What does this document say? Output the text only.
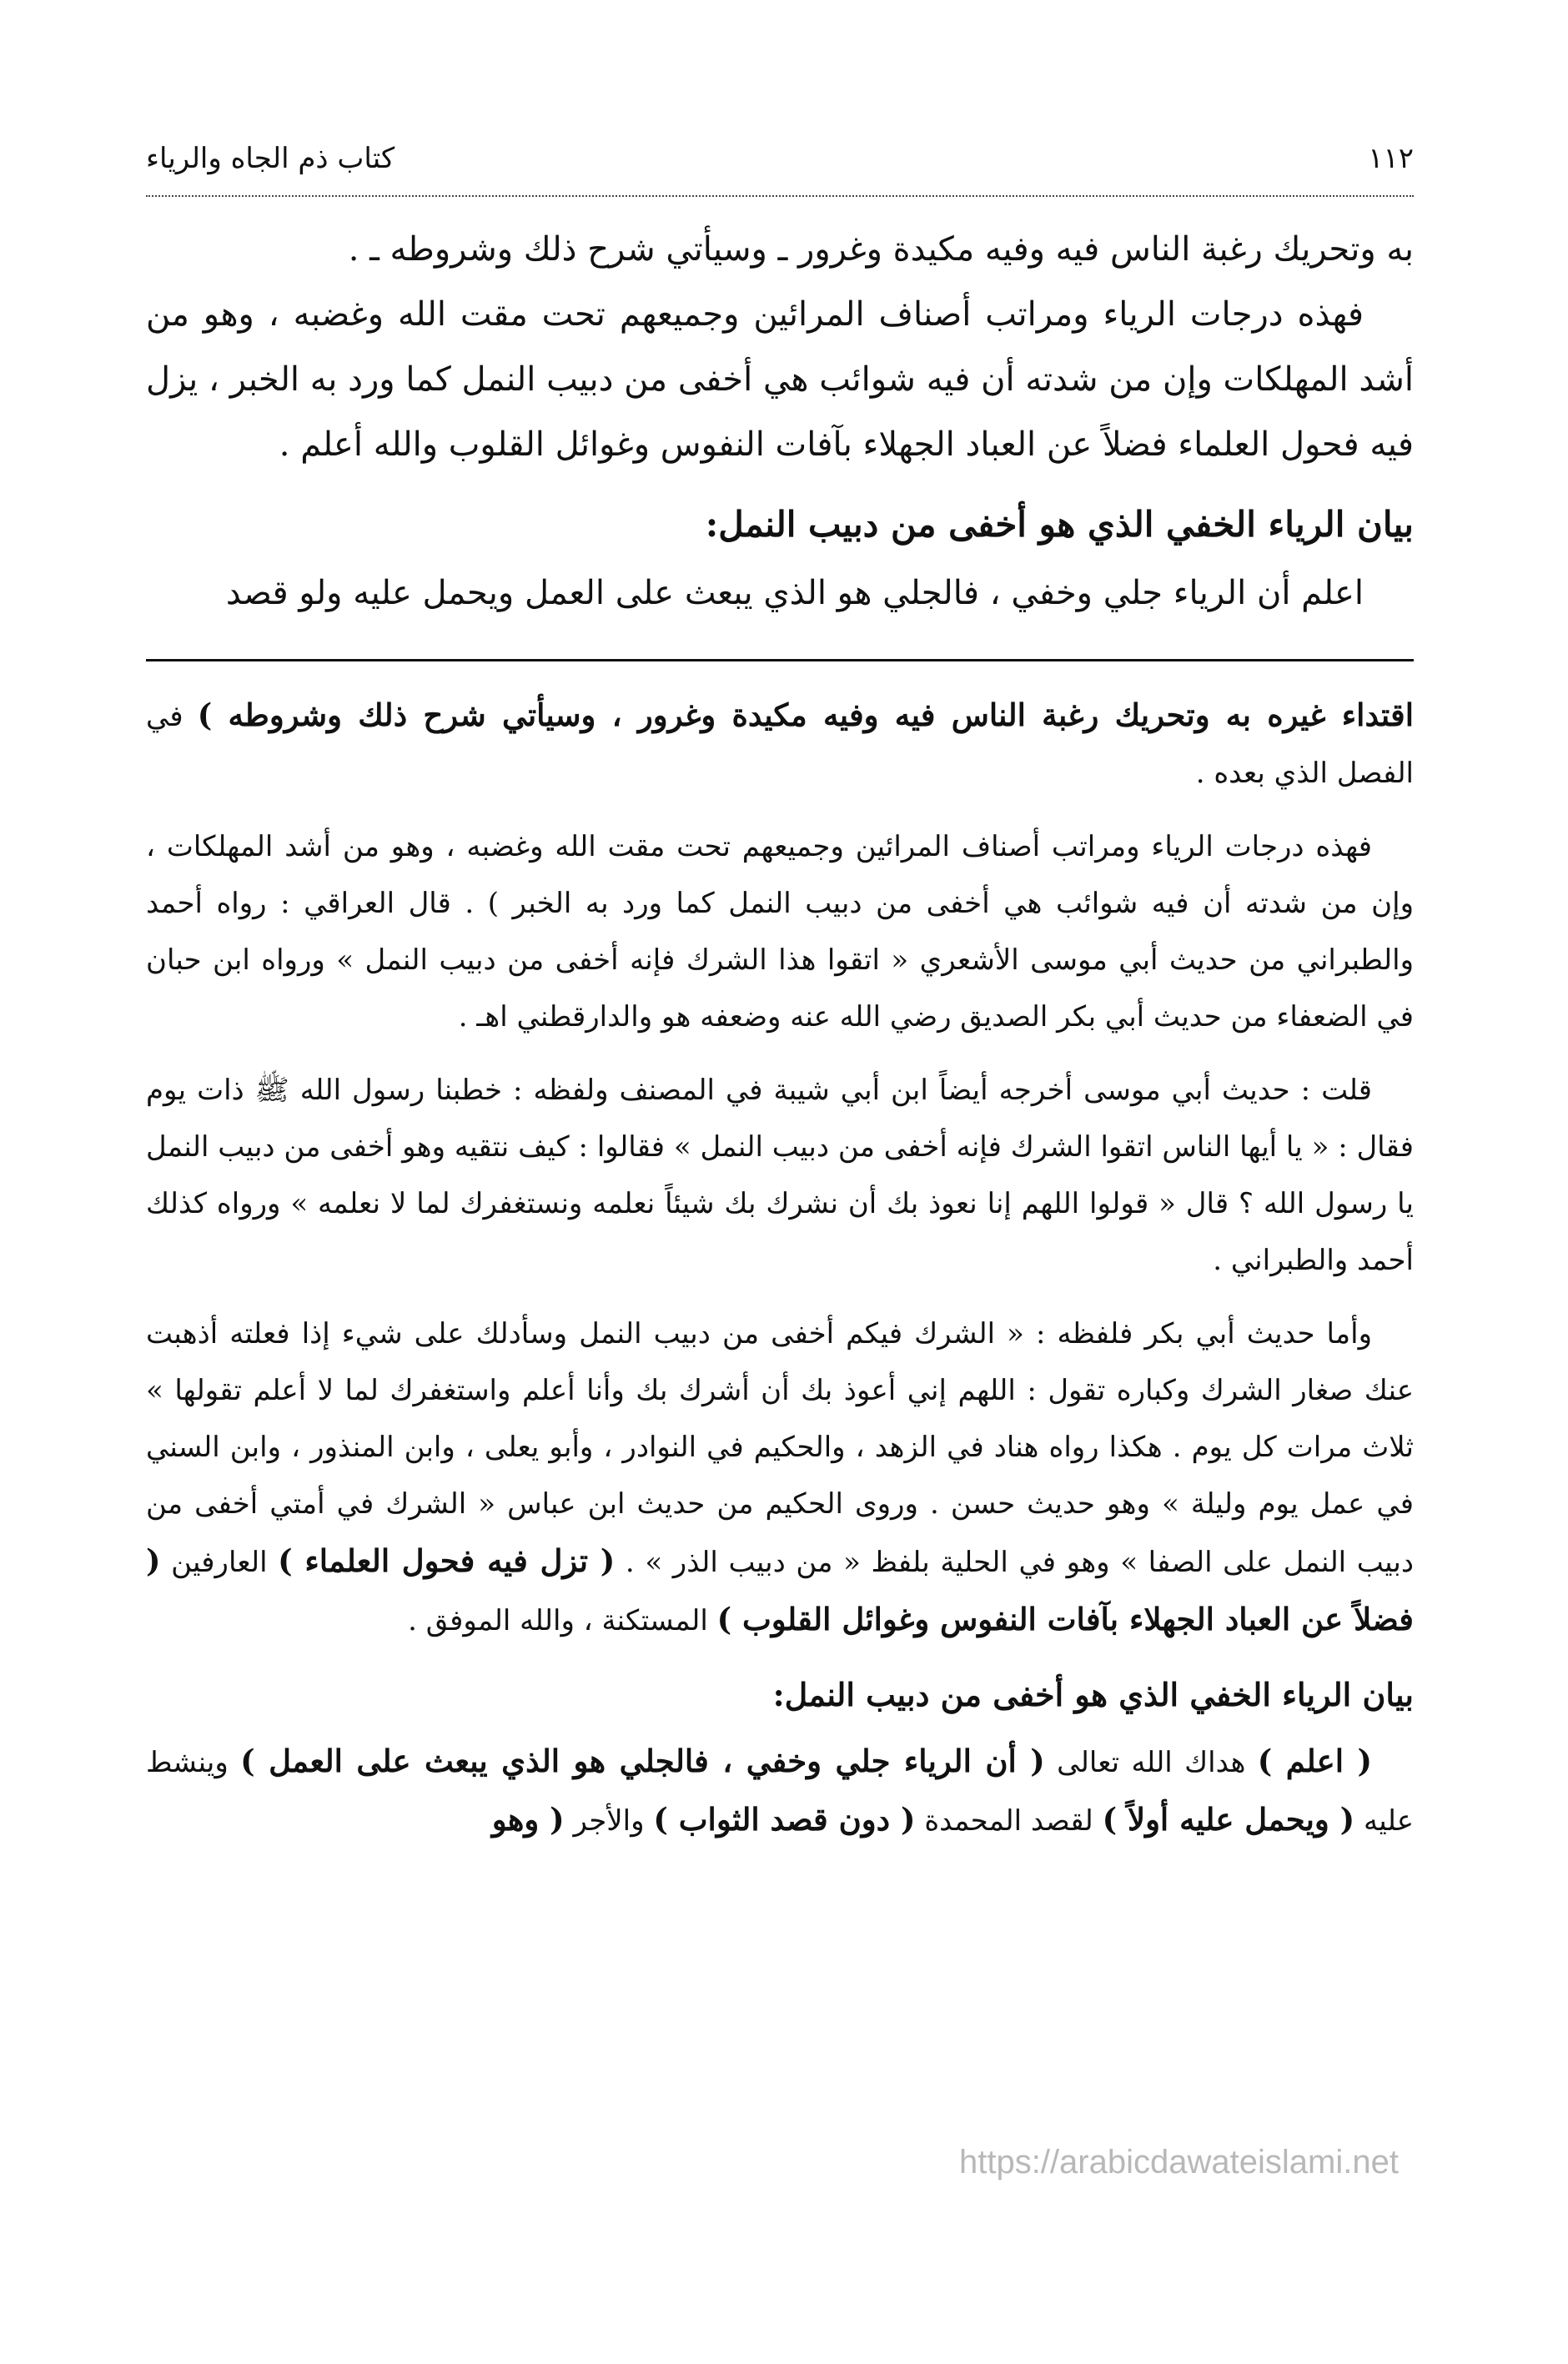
١١٢
كتاب ذم الجاه والرياء

به وتحريك رغبة الناس فيه وفيه مكيدة وغرور ـ وسيأتي شرح ذلك وشروطه ـ .

فهذه درجات الرياء ومراتب أصناف المرائين وجميعهم تحت مقت الله وغضبه ، وهو من أشد المهلكات وإن من شدته أن فيه شوائب هي أخفى من دبيب النمل كما ورد به الخبر ، يزل فيه فحول العلماء فضلاً عن العباد الجهلاء بآفات النفوس وغوائل القلوب والله أعلم .

بيان الرياء الخفي الذي هو أخفى من دبيب النمل:

اعلم أن الرياء جلي وخفي ، فالجلي هو الذي يبعث على العمل ويحمل عليه ولو قصد

اقتداء غيره به وتحريك رغبة الناس فيه وفيه مكيدة وغرور ، وسيأتي شرح ذلك وشروطه ) في الفصل الذي بعده .

فهذه درجات الرياء ومراتب أصناف المرائين وجميعهم تحت مقت الله وغضبه ، وهو من أشد المهلكات ، وإن من شدته أن فيه شوائب هي أخفى من دبيب النمل كما ورد به الخبر ) . قال العراقي : رواه أحمد والطبراني من حديث أبي موسى الأشعري « اتقوا هذا الشرك فإنه أخفى من دبيب النمل » ورواه ابن حبان في الضعفاء من حديث أبي بكر الصديق رضي الله عنه وضعفه هو والدارقطني اهـ .

قلت : حديث أبي موسى أخرجه أيضاً ابن أبي شيبة في المصنف ولفظه : خطبنا رسول الله ﷺ ذات يوم فقال : « يا أيها الناس اتقوا الشرك فإنه أخفى من دبيب النمل » فقالوا : كيف نتقيه وهو أخفى من دبيب النمل يا رسول الله ؟ قال « قولوا اللهم إنا نعوذ بك أن نشرك بك شيئاً نعلمه ونستغفرك لما لا نعلمه » ورواه كذلك أحمد والطبراني .

وأما حديث أبي بكر فلفظه : « الشرك فيكم أخفى من دبيب النمل وسأدلك على شيء إذا فعلته أذهبت عنك صغار الشرك وكباره تقول : اللهم إني أعوذ بك أن أشرك بك وأنا أعلم واستغفرك لما لا أعلم تقولها » ثلاث مرات كل يوم . هكذا رواه هناد في الزهد ، والحكيم في النوادر ، وأبو يعلى ، وابن المنذور ، وابن السني في عمل يوم وليلة » وهو حديث حسن . وروى الحكيم من حديث ابن عباس « الشرك في أمتي أخفى من دبيب النمل على الصفا » وهو في الحلية بلفظ « من دبيب الذر » . ( تزل فيه فحول العلماء ) العارفين ( فضلاً عن العباد الجهلاء بآفات النفوس وغوائل القلوب ) المستكنة ، والله الموفق .

بيان الرياء الخفي الذي هو أخفى من دبيب النمل:

( اعلم ) هداك الله تعالى ( أن الرياء جلي وخفي ، فالجلي هو الذي يبعث على العمل ) وينشط عليه ( ويحمل عليه أولاً ) لقصد المحمدة ( دون قصد الثواب ) والأجر ( وهو

https://arabicdawateislami.net
